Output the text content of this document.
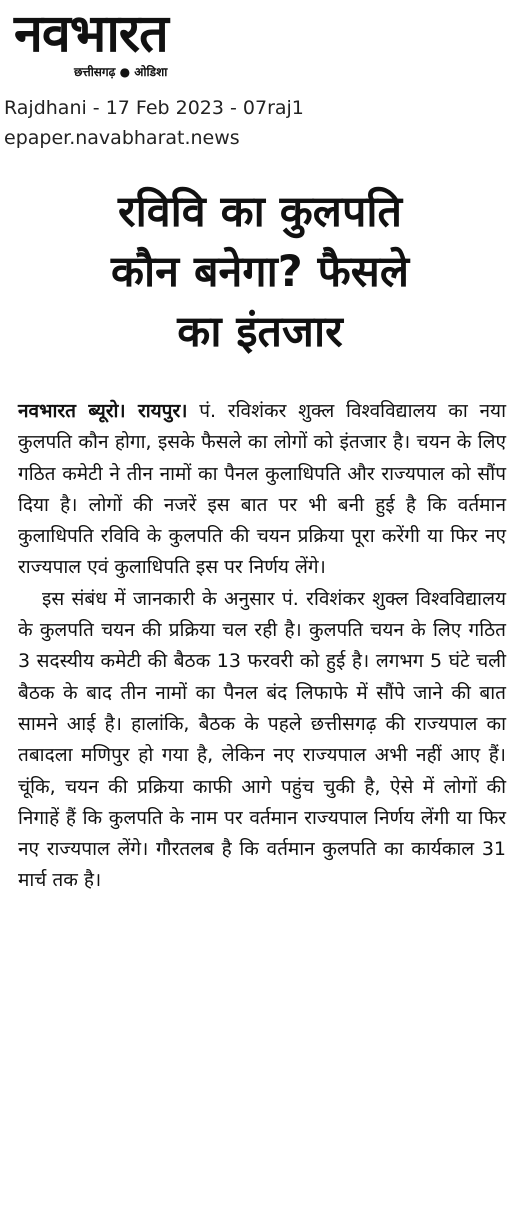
नवभारत
छत्तीसगढ़ ● ओडिशा
Rajdhani - 17 Feb 2023 - 07raj1
epaper.navabharat.news
रविवि का कुलपति
कौन बनेगा? फैसले
का इंतजार

नवभारत ब्यूरो। रायपुर। पं. रविशंकर शुक्ल विश्वविद्यालय का नया कुलपति कौन होगा, इसके फैसले का लोगों को इंतजार है। चयन के लिए गठित कमेटी ने तीन नामों का पैनल कुलाधिपति और राज्यपाल को सौंप दिया है। लोगों की नजरें इस बात पर भी बनी हुई है कि वर्तमान कुलाधिपति रविवि के कुलपति की चयन प्रक्रिया पूरा करेंगी या फिर नए राज्यपाल एवं कुलाधिपति इस पर निर्णय लेंगे।

इस संबंध में जानकारी के अनुसार पं. रविशंकर शुक्ल विश्वविद्यालय के कुलपति चयन की प्रक्रिया चल रही है। कुलपति चयन के लिए गठित 3 सदस्यीय कमेटी की बैठक 13 फरवरी को हुई है। लगभग 5 घंटे चली बैठक के बाद तीन नामों का पैनल बंद लिफाफे में सौंपे जाने की बात सामने आई है। हालांकि, बैठक के पहले छत्तीसगढ़ की राज्यपाल का तबादला मणिपुर हो गया है, लेकिन नए राज्यपाल अभी नहीं आए हैं। चूंकि, चयन की प्रक्रिया काफी आगे पहुंच चुकी है, ऐसे में लोगों की निगाहें हैं कि कुलपति के नाम पर वर्तमान राज्यपाल निर्णय लेंगी या फिर नए राज्यपाल लेंगे। गौरतलब है कि वर्तमान कुलपति का कार्यकाल 31 मार्च तक है।
